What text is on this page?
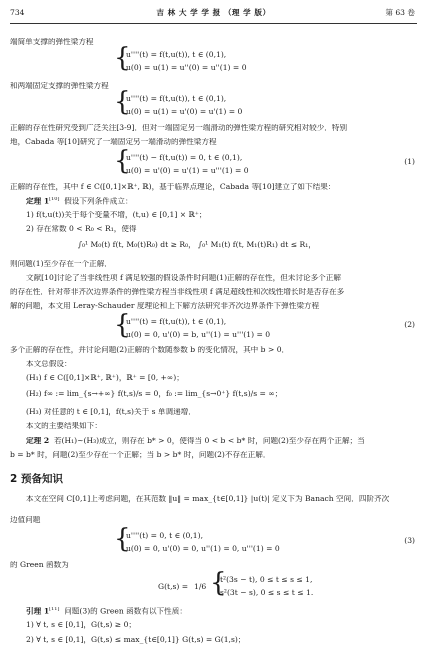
734	吉 林 大 学 学 报 （理 学 版）	第 63 卷
端简单支撑的弹性梁方程
{
u''''(t) = f(t,u(t)), t ∈ (0,1),
u(0) = u(1) = u''(0) = u''(1) = 0
和两端固定支撑的弹性梁方程
{
u''''(t) = f(t,u(t)), t ∈ (0,1),
u(0) = u(1) = u'(0) = u'(1) = 0
正解的存在性研究受到广泛关注[3-9]．但对一端固定另一端滑动的弹性梁方程的研究相对较少．特别
地，Cabada 等[10]研究了一端固定另一端滑动的弹性梁方程
{
u''''(t) − f(t,u(t)) = 0, t ∈ (0,1),
u(0) = u'(0) = u'(1) = u'''(1) = 0
(1)
正解的存在性，其中 f ∈ C([0,1]×ℝ⁺, ℝ)，基于临界点理论，Cabada 等[10]建立了如下结果：
定理 1[10] 假设下列条件成立：
1) f(t,u(t))关于每个变量不增，(t,u) ∈ [0,1] × ℝ⁺；
2) 存在常数 0 < R₀ < R₁，使得
∫₀¹ M₀(t) f(t, M₀(t)R₀) dt ≥ R₀， ∫₀¹ M₁(t) f(t, M₁(t)R₁) dt ≤ R₁，
则问题(1)至少存在一个正解．
文献[10]讨论了当非线性项 f 满足较强的假设条件时问题(1)正解的存在性，但未讨论多个正解
的存在性．针对带非齐次边界条件的弹性梁方程当非线性项 f 满足超线性和次线性增长时是否存在多
解的问题，本文用 Leray-Schauder 度理论和上下解方法研究非齐次边界条件下弹性梁方程
{
u''''(t) = f(t,u(t)), t ∈ (0,1),
u(0) = 0, u'(0) = b, u''(1) = u'''(1) = 0
(2)
多个正解的存在性，并讨论问题(2)正解的个数随参数 b 的变化情况，其中 b > 0．
本文总假设：
(H₁) f ∈ C([0,1]×ℝ⁺, ℝ⁺)，ℝ⁺ = [0, +∞)；
(H₂) f∞ := lim_{s→+∞} f(t,s)/s = 0，f₀ := lim_{s→0⁺} f(t,s)/s = ∞；
(H₃) 对任意的 t ∈ [0,1]，f(t,s)关于 s 单调递增．
本文的主要结果如下：
定理 2 若(H₁)~(H₃)成立，则存在 b* > 0，使得当 0 < b < b* 时，问题(2)至少存在两个正解；当
b = b* 时，问题(2)至少存在一个正解；当 b > b* 时，问题(2)不存在正解．
2 预备知识
本文在空间 C[0,1]上考虑问题，在其范数 ‖u‖ = max_{t∈[0,1]} |u(t)| 定义下为 Banach 空间．四阶齐次
边值问题
{
u''''(t) = 0, t ∈ (0,1),
u(0) = 0, u'(0) = 0, u''(1) = 0, u'''(1) = 0
(3)
的 Green 函数为
G(t,s) = 1/6 {
t²(3s − t), 0 ≤ t ≤ s ≤ 1,
s²(3t − s), 0 ≤ s ≤ t ≤ 1.
引理 1[11] 问题(3)的 Green 函数有以下性质：
1) ∀ t, s ∈ [0,1]，G(t,s) ≥ 0；
2) ∀ t, s ∈ [0,1]，G(t,s) ≤ max_{t∈[0,1]} G(t,s) = G(1,s)；
